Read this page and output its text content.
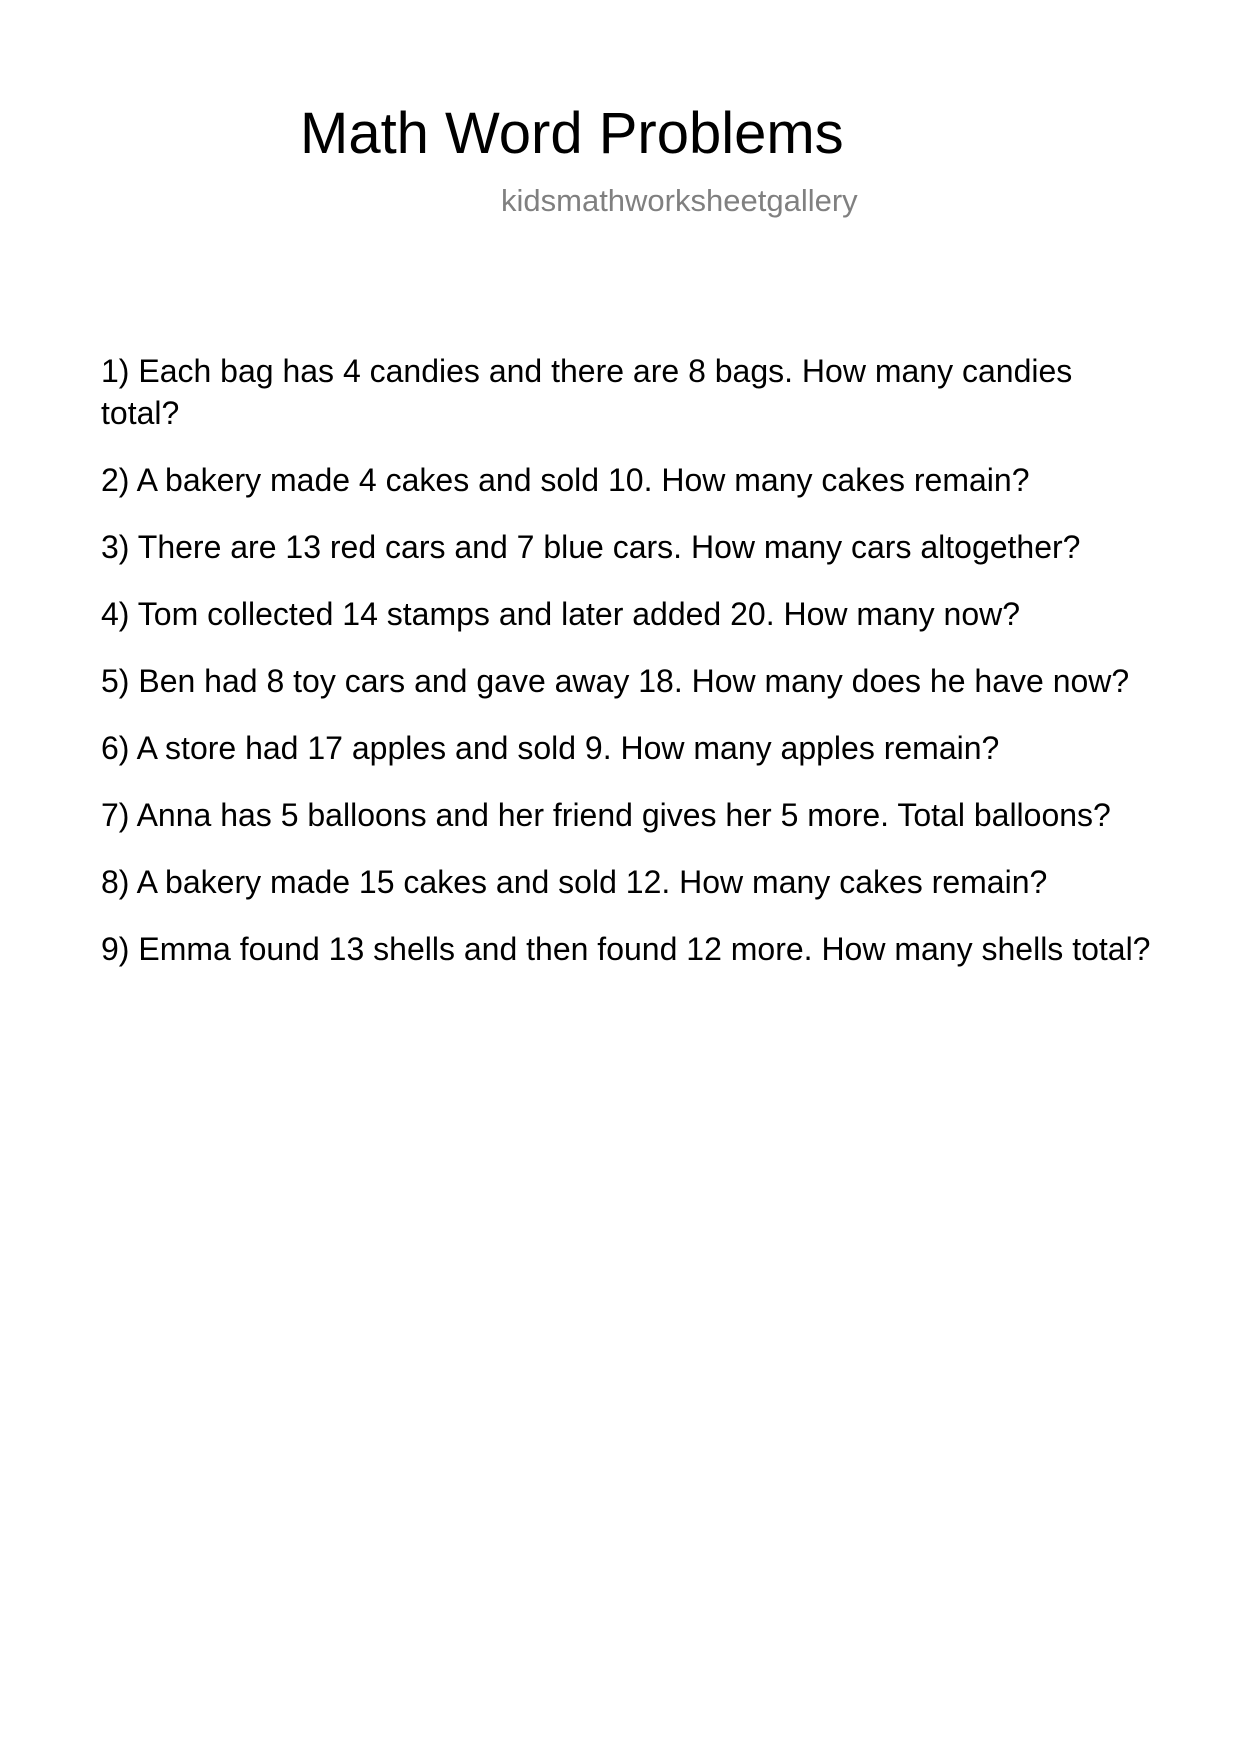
Math Word Problems
kidsmathworksheetgallery
1) Each bag has 4 candies and there are 8 bags. How many candies total?
2) A bakery made 4 cakes and sold 10. How many cakes remain?
3) There are 13 red cars and 7 blue cars. How many cars altogether?
4) Tom collected 14 stamps and later added 20. How many now?
5) Ben had 8 toy cars and gave away 18. How many does he have now?
6) A store had 17 apples and sold 9. How many apples remain?
7) Anna has 5 balloons and her friend gives her 5 more. Total balloons?
8) A bakery made 15 cakes and sold 12. How many cakes remain?
9) Emma found 13 shells and then found 12 more. How many shells total?
